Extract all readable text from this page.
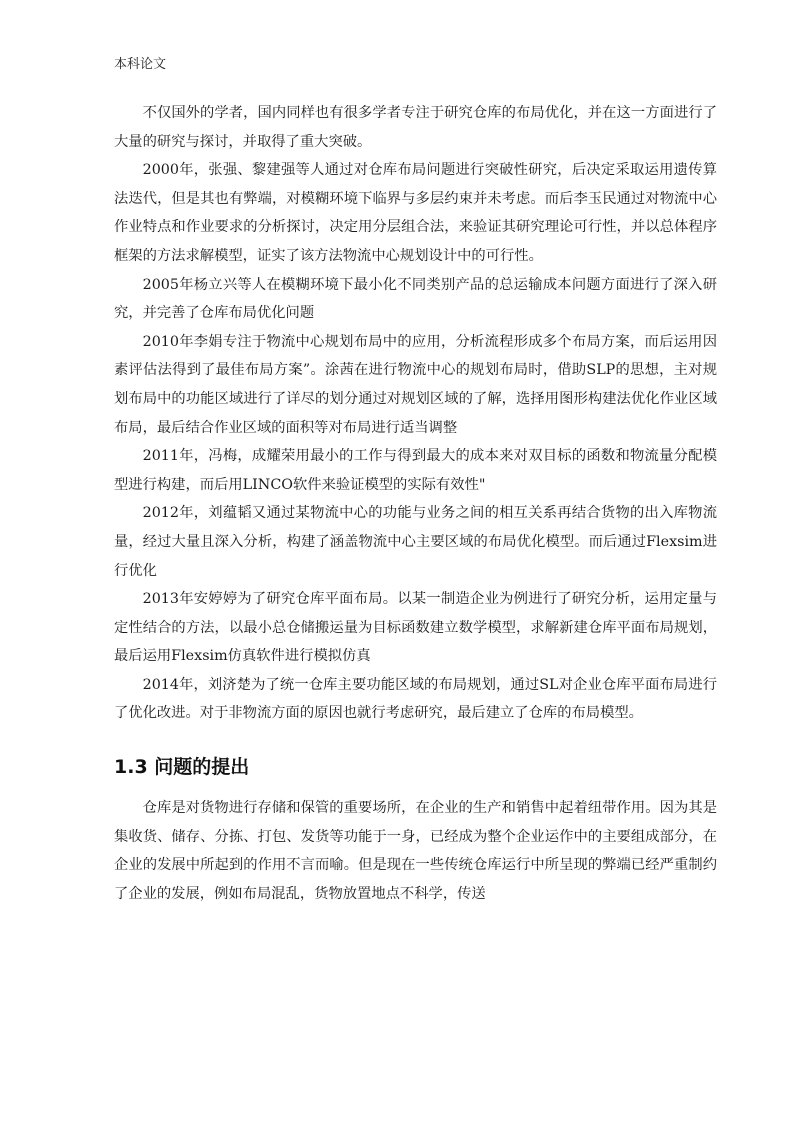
本科论文

不仅国外的学者，国内同样也有很多学者专注于研究仓库的布局优化，并在这一方面进行了大量的研究与探讨，并取得了重大突破。

2000年，张强、黎建强等人通过对仓库布局问题进行突破性研究，后决定采取运用遗传算法迭代，但是其也有弊端，对模糊环境下临界与多层约束并未考虑。而后李玉民通过对物流中心作业特点和作业要求的分析探讨，决定用分层组合法，来验证其研究理论可行性，并以总体程序框架的方法求解模型，证实了该方法物流中心规划设计中的可行性。

2005年杨立兴等人在模糊环境下最小化不同类别产品的总运输成本问题方面进行了深入研究，并完善了仓库布局优化问题

2010年李娟专注于物流中心规划布局中的应用，分析流程形成多个布局方案，而后运用因素评估法得到了最佳布局方案”。涂茜在进行物流中心的规划布局时，借助SLP的思想，主对规划布局中的功能区域进行了详尽的划分通过对规划区域的了解，选择用图形构建法优化作业区域布局，最后结合作业区域的面积等对布局进行适当调整

2011年，冯梅，成耀荣用最小的工作与得到最大的成本来对双目标的函数和物流量分配模型进行构建，而后用LINCO软件来验证模型的实际有效性"

2012年，刘蕴韬又通过某物流中心的功能与业务之间的相互关系再结合货物的出入库物流量，经过大量且深入分析，构建了涵盖物流中心主要区域的布局优化模型。而后通过Flexsim进行优化

2013年安婷婷为了研究仓库平面布局。以某一制造企业为例进行了研究分析，运用定量与定性结合的方法，以最小总仓储搬运量为目标函数建立数学模型，求解新建仓库平面布局规划，最后运用Flexsim仿真软件进行模拟仿真

2014年，刘济楚为了统一仓库主要功能区域的布局规划，通过SL对企业仓库平面布局进行了优化改进。对于非物流方面的原因也就行考虑研究，最后建立了仓库的布局模型。

1.3 问题的提出

仓库是对货物进行存储和保管的重要场所，在企业的生产和销售中起着纽带作用。因为其是集收货、储存、分拣、打包、发货等功能于一身，已经成为整个企业运作中的主要组成部分，在企业的发展中所起到的作用不言而喻。但是现在一些传统仓库运行中所呈现的弊端已经严重制约了企业的发展，例如布局混乱，货物放置地点不科学，传送
